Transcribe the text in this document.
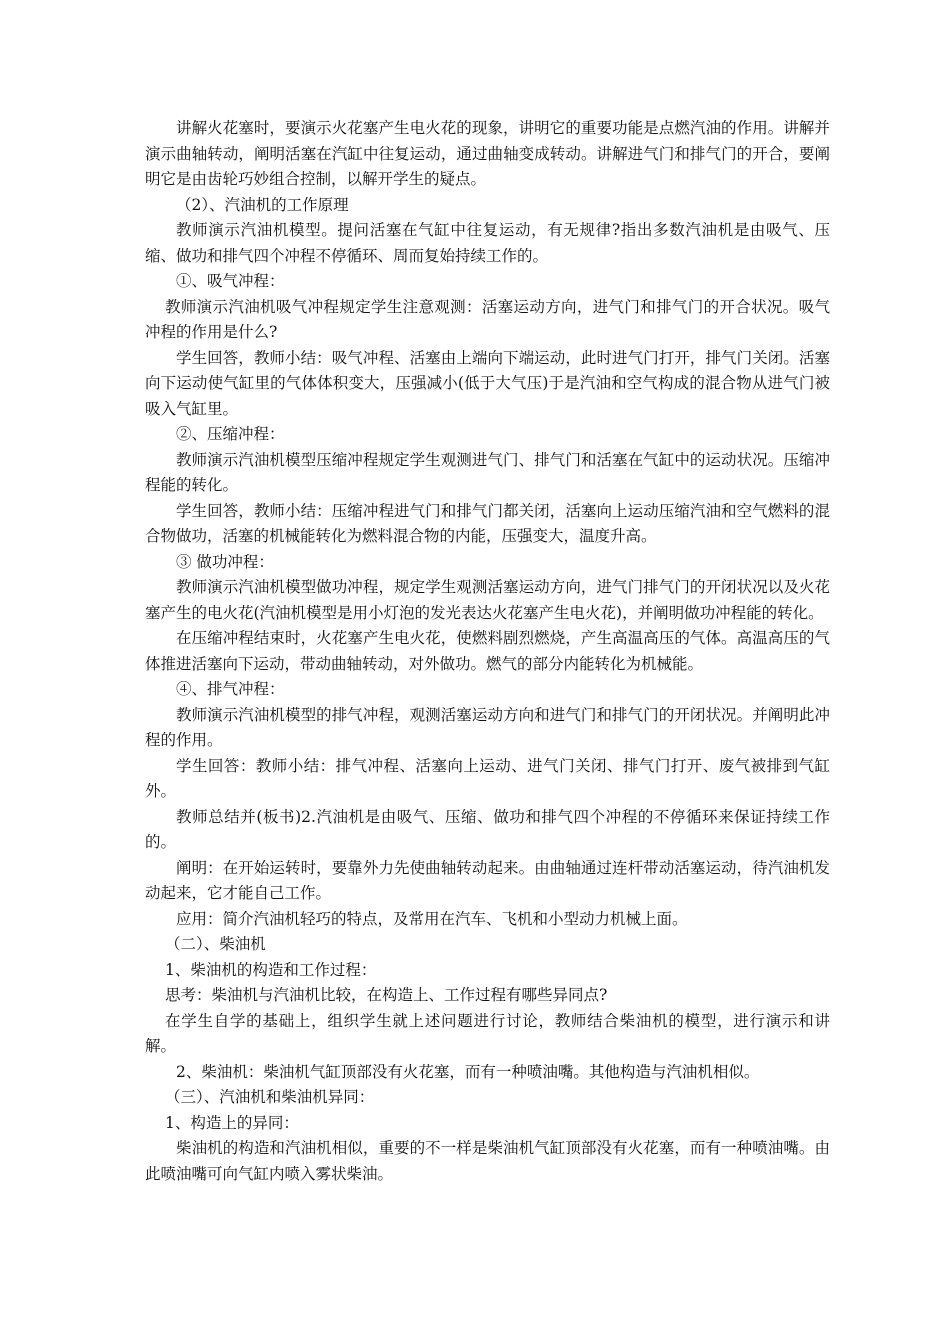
讲解火花塞时，要演示火花塞产生电火花的现象，讲明它的重要功能是点燃汽油的作用。讲解并演示曲轴转动，阐明活塞在汽缸中往复运动，通过曲轴变成转动。讲解进气门和排气门的开合，要阐明它是由齿轮巧妙组合控制，以解开学生的疑点。

（2）、汽油机的工作原理

教师演示汽油机模型。提问活塞在气缸中往复运动，有无规律?指出多数汽油机是由吸气、压缩、做功和排气四个冲程不停循环、周而复始持续工作的。

①、吸气冲程：

教师演示汽油机吸气冲程规定学生注意观测：活塞运动方向，进气门和排气门的开合状况。吸气冲程的作用是什么?

学生回答，教师小结：吸气冲程、活塞由上端向下端运动，此时进气门打开，排气门关闭。活塞向下运动使气缸里的气体体积变大，压强减小(低于大气压)于是汽油和空气构成的混合物从进气门被吸入气缸里。

②、压缩冲程：

教师演示汽油机模型压缩冲程规定学生观测进气门、排气门和活塞在气缸中的运动状况。压缩冲程能的转化。

学生回答，教师小结：压缩冲程进气门和排气门都关闭，活塞向上运动压缩汽油和空气燃料的混合物做功，活塞的机械能转化为燃料混合物的内能，压强变大，温度升高。

③ 做功冲程：

教师演示汽油机模型做功冲程，规定学生观测活塞运动方向，进气门排气门的开闭状况以及火花塞产生的电火花(汽油机模型是用小灯泡的发光表达火花塞产生电火花)，并阐明做功冲程能的转化。

在压缩冲程结束时，火花塞产生电火花，使燃料剧烈燃烧，产生高温高压的气体。高温高压的气体推进活塞向下运动，带动曲轴转动，对外做功。燃气的部分内能转化为机械能。

④、排气冲程：

教师演示汽油机模型的排气冲程，观测活塞运动方向和进气门和排气门的开闭状况。并阐明此冲程的作用。

学生回答：教师小结：排气冲程、活塞向上运动、进气门关闭、排气门打开、废气被排到气缸外。

教师总结并(板书)2.汽油机是由吸气、压缩、做功和排气四个冲程的不停循环来保证持续工作的。

阐明：在开始运转时，要靠外力先使曲轴转动起来。由曲轴通过连杆带动活塞运动，待汽油机发动起来，它才能自己工作。

应用：简介汽油机轻巧的特点，及常用在汽车、飞机和小型动力机械上面。

（二）、柴油机

1、柴油机的构造和工作过程：

思考：柴油机与汽油机比较，在构造上、工作过程有哪些异同点?

在学生自学的基础上，组织学生就上述问题进行讨论，教师结合柴油机的模型，进行演示和讲解。

2、柴油机：柴油机气缸顶部没有火花塞，而有一种喷油嘴。其他构造与汽油机相似。

（三）、汽油机和柴油机异同：

1、构造上的异同：

柴油机的构造和汽油机相似，重要的不一样是柴油机气缸顶部没有火花塞，而有一种喷油嘴。由此喷油嘴可向气缸内喷入雾状柴油。
